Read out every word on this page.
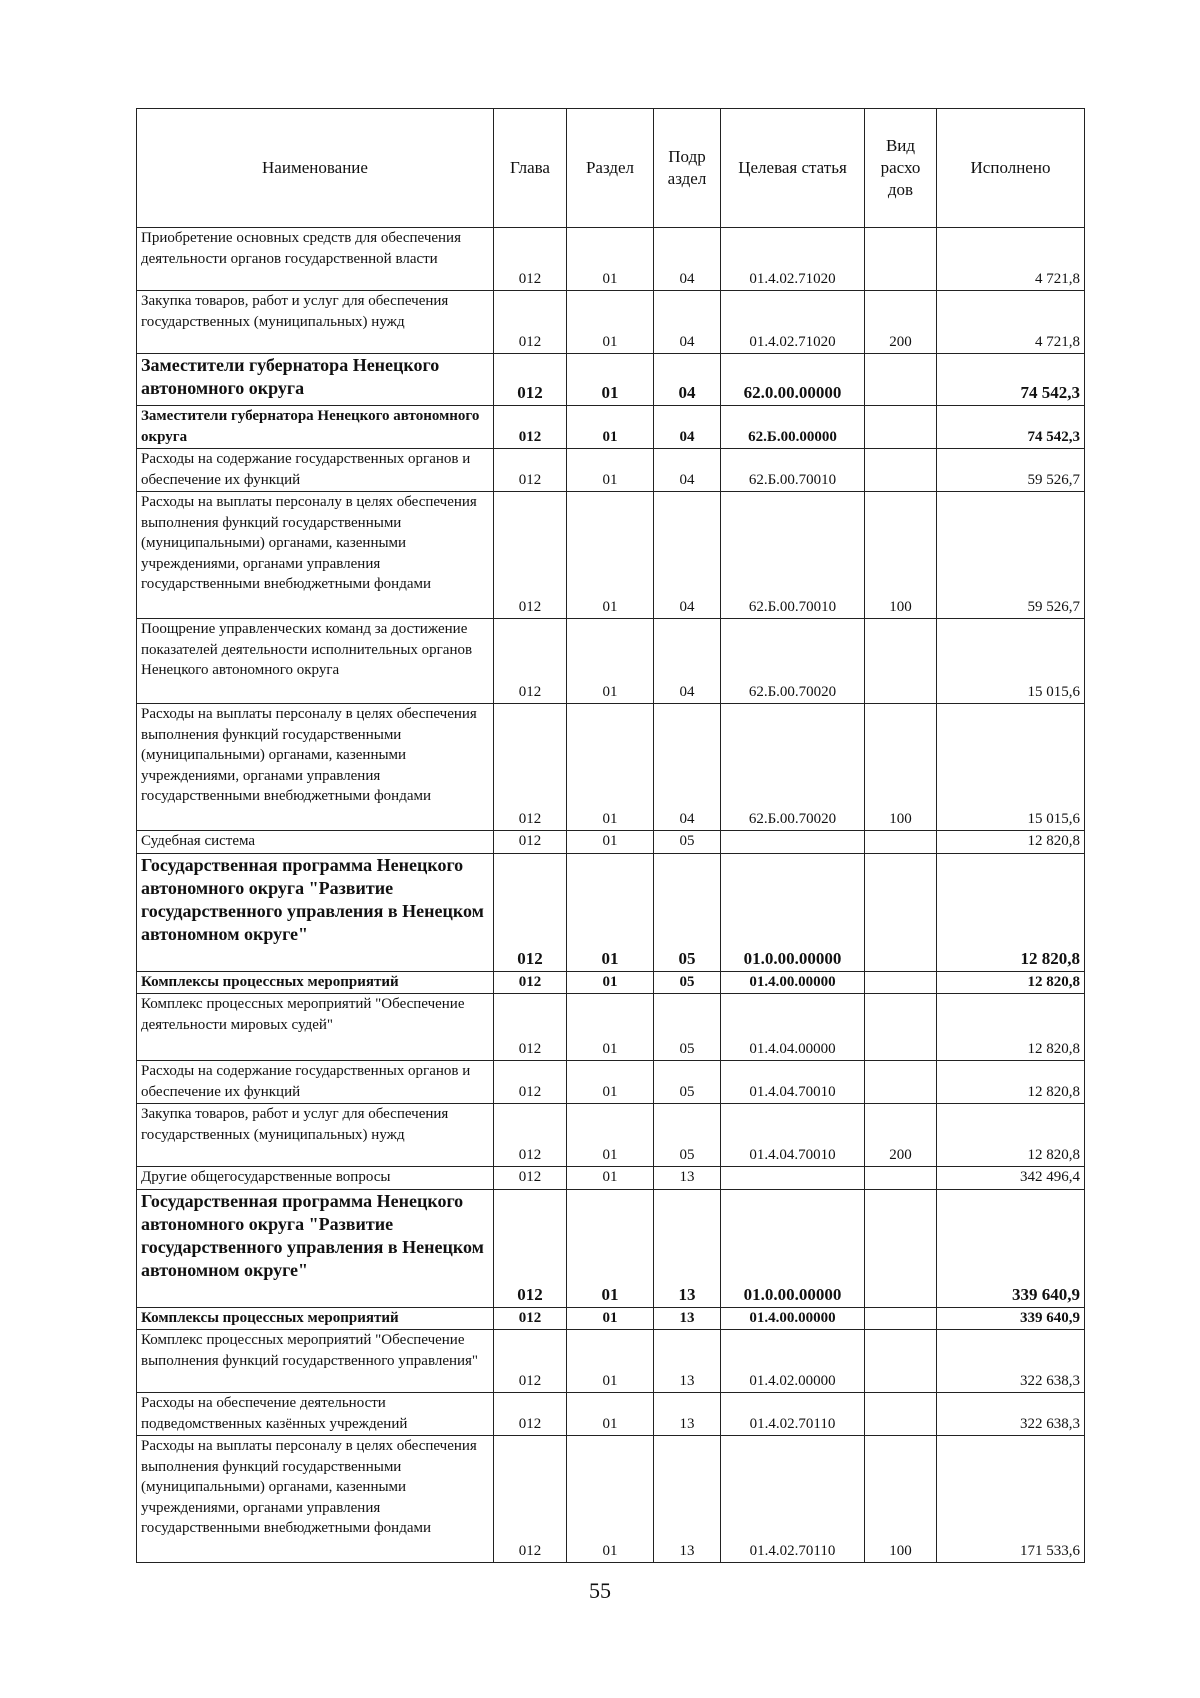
Наименование	Глава	Раздел	Подр аздел	Целевая статья	Вид расхо дов	Исполнено
Приобретение основных средств для обеспечения деятельности органов государственной власти	012	01	04	01.4.02.71020		4 721,8
Закупка товаров, работ и услуг для обеспечения государственных (муниципальных) нужд	012	01	04	01.4.02.71020	200	4 721,8
Заместители губернатора Ненецкого автономного округа	012	01	04	62.0.00.00000		74 542,3
Заместители губернатора Ненецкого автономного округа	012	01	04	62.Б.00.00000		74 542,3
Расходы на содержание государственных органов и обеспечение их функций	012	01	04	62.Б.00.70010		59 526,7
Расходы на выплаты персоналу в целях обеспечения выполнения функций государственными (муниципальными) органами, казенными учреждениями, органами управления государственными внебюджетными фондами	012	01	04	62.Б.00.70010	100	59 526,7
Поощрение управленческих команд за достижение показателей деятельности исполнительных органов Ненецкого автономного округа	012	01	04	62.Б.00.70020		15 015,6
Расходы на выплаты персоналу в целях обеспечения выполнения функций государственными (муниципальными) органами, казенными учреждениями, органами управления государственными внебюджетными фондами	012	01	04	62.Б.00.70020	100	15 015,6
Судебная система	012	01	05			12 820,8
Государственная программа Ненецкого автономного округа "Развитие государственного управления в Ненецком автономном округе"	012	01	05	01.0.00.00000		12 820,8
Комплексы процессных мероприятий	012	01	05	01.4.00.00000		12 820,8
Комплекс процессных мероприятий "Обеспечение деятельности мировых судей"	012	01	05	01.4.04.00000		12 820,8
Расходы на содержание государственных органов и обеспечение их функций	012	01	05	01.4.04.70010		12 820,8
Закупка товаров, работ и услуг для обеспечения государственных (муниципальных) нужд	012	01	05	01.4.04.70010	200	12 820,8
Другие общегосударственные вопросы	012	01	13			342 496,4
Государственная программа Ненецкого автономного округа "Развитие государственного управления в Ненецком автономном округе"	012	01	13	01.0.00.00000		339 640,9
Комплексы процессных мероприятий	012	01	13	01.4.00.00000		339 640,9
Комплекс процессных мероприятий "Обеспечение выполнения функций государственного управления"	012	01	13	01.4.02.00000		322 638,3
Расходы на обеспечение деятельности подведомственных казённых учреждений	012	01	13	01.4.02.70110		322 638,3
Расходы на выплаты персоналу в целях обеспечения выполнения функций государственными (муниципальными) органами, казенными учреждениями, органами управления государственными внебюджетными фондами	012	01	13	01.4.02.70110	100	171 533,6
55
